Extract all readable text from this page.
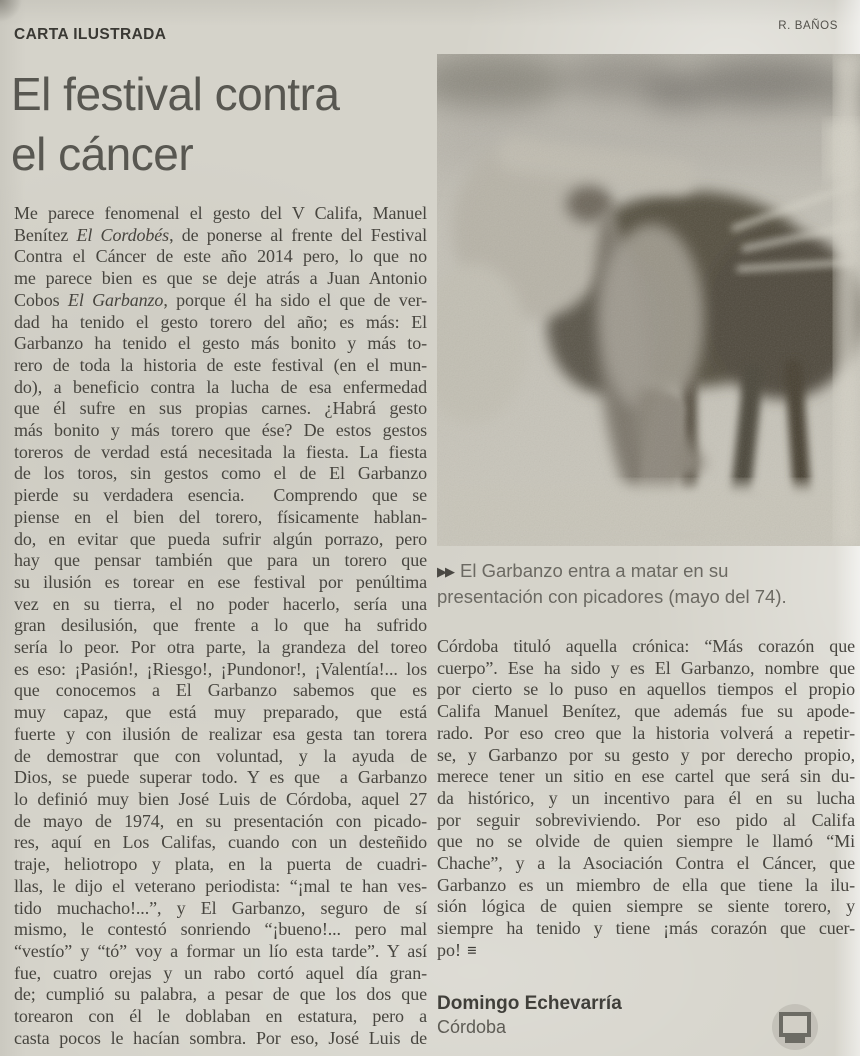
CARTA ILUSTRADA	R. BAÑOS
El festival contra
el cáncer
Me parece fenomenal el gesto del V Califa, Manuel
Benítez El Cordobés, de ponerse al frente del Festival
Contra el Cáncer de este año 2014 pero, lo que no
me parece bien es que se deje atrás a Juan Antonio
Cobos El Garbanzo, porque él ha sido el que de ver-
dad ha tenido el gesto torero del año; es más: El
Garbanzo ha tenido el gesto más bonito y más to-
rero de toda la historia de este festival (en el mun-
do), a beneficio contra la lucha de esa enfermedad
que él sufre en sus propias carnes. ¿Habrá gesto
más bonito y más torero que ése? De estos gestos
toreros de verdad está necesitada la fiesta. La fiesta
de los toros, sin gestos como el de El Garbanzo
pierde su verdadera esencia.  Comprendo que se
piense en el bien del torero, físicamente hablan-
do, en evitar que pueda sufrir algún porrazo, pero
hay que pensar también que para un torero que
su ilusión es torear en ese festival por penúltima
vez en su tierra, el no poder hacerlo, sería una
gran desilusión, que frente a lo que ha sufrido
sería lo peor. Por otra parte, la grandeza del toreo
es eso: ¡Pasión!, ¡Riesgo!, ¡Pundonor!, ¡Valentía!... los
que conocemos a El Garbanzo sabemos que es
muy capaz, que está muy preparado, que está
fuerte y con ilusión de realizar esa gesta tan torera
de demostrar que con voluntad, y la ayuda de
Dios, se puede superar todo. Y es que  a Garbanzo
lo definió muy bien José Luis de Córdoba, aquel 27
de mayo de 1974, en su presentación con picado-
res, aquí en Los Califas, cuando con un desteñido
traje, heliotropo y plata, en la puerta de cuadri-
llas, le dijo el veterano periodista: “¡mal te han ves-
tido muchacho!...”, y El Garbanzo, seguro de sí
mismo, le contestó sonriendo “¡bueno!... pero mal
“vestío” y “tó” voy a formar un lío esta tarde”. Y así
fue, cuatro orejas y un rabo cortó aquel día gran-
de; cumplió su palabra, a pesar de que los dos que
torearon con él le doblaban en estatura, pero a
casta pocos le hacían sombra. Por eso, José Luis de
▶▶ El Garbanzo entra a matar en su
presentación con picadores (mayo del 74).
Córdoba tituló aquella crónica: “Más corazón que
cuerpo”. Ese ha sido y es El Garbanzo, nombre que
por cierto se lo puso en aquellos tiempos el propio
Califa Manuel Benítez, que además fue su apode-
rado. Por eso creo que la historia volverá a repetir-
se, y Garbanzo por su gesto y por derecho propio,
merece tener un sitio en ese cartel que será sin du-
da histórico, y un incentivo para él en su lucha
por seguir sobreviviendo. Por eso pido al Califa
que no se olvide de quien siempre le llamó “Mi
Chache”, y a la Asociación Contra el Cáncer, que
Garbanzo es un miembro de ella que tiene la ilu-
sión lógica de quien siempre se siente torero, y
siempre ha tenido y tiene ¡más corazón que cuer-
po! ≡
Domingo Echevarría
Córdoba
